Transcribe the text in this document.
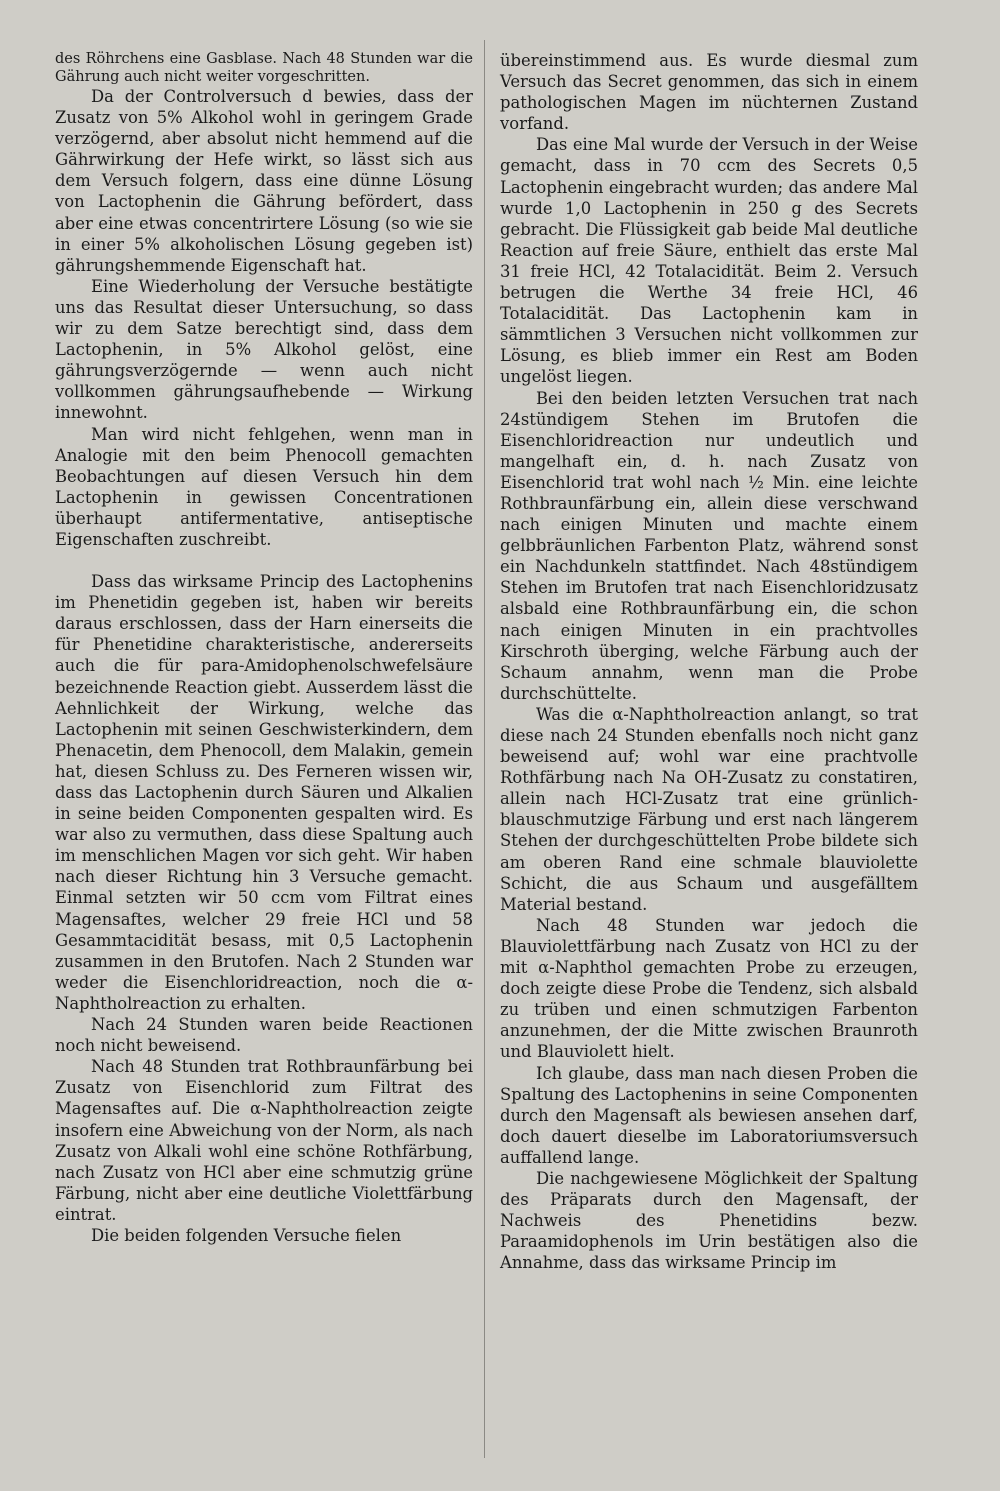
des Röhrchens eine Gasblase. Nach 48 Stunden war die Gährung auch nicht weiter vorgeschritten.

Da der Controlversuch d bewies, dass der Zusatz von 5% Alkohol wohl in geringem Grade verzögernd, aber absolut nicht hemmend auf die Gährwirkung der Hefe wirkt, so lässt sich aus dem Versuch folgern, dass eine dünne Lösung von Lactophenin die Gährung befördert, dass aber eine etwas concentrirtere Lösung (so wie sie in einer 5% alkoholischen Lösung gegeben ist) gährungshemmende Eigenschaft hat.

Eine Wiederholung der Versuche bestätigte uns das Resultat dieser Untersuchung, so dass wir zu dem Satze berechtigt sind, dass dem Lactophenin, in 5% Alkohol gelöst, eine gährungsverzögernde — wenn auch nicht vollkommen gährungsaufhebende — Wirkung innewohnt.

Man wird nicht fehlgehen, wenn man in Analogie mit den beim Phenocoll gemachten Beobachtungen auf diesen Versuch hin dem Lactophenin in gewissen Concentrationen überhaupt antifermentative, antiseptische Eigenschaften zuschreibt.

Dass das wirksame Princip des Lactophenins im Phenetidin gegeben ist, haben wir bereits daraus erschlossen, dass der Harn einerseits die für Phenetidine charakteristische, andererseits auch die für para-Amidophenolschwefelsäure bezeichnende Reaction giebt. Ausserdem lässt die Aehnlichkeit der Wirkung, welche das Lactophenin mit seinen Geschwisterkindern, dem Phenacetin, dem Phenocoll, dem Malakin, gemein hat, diesen Schluss zu. Des Ferneren wissen wir, dass das Lactophenin durch Säuren und Alkalien in seine beiden Componenten gespalten wird. Es war also zu vermuthen, dass diese Spaltung auch im menschlichen Magen vor sich geht. Wir haben nach dieser Richtung hin 3 Versuche gemacht. Einmal setzten wir 50 ccm vom Filtrat eines Magensaftes, welcher 29 freie HCl und 58 Gesammtacidität besass, mit 0,5 Lactophenin zusammen in den Brutofen. Nach 2 Stunden war weder die Eisenchloridreaction, noch die α-Naphtholreaction zu erhalten.

Nach 24 Stunden waren beide Reactionen noch nicht beweisend.

Nach 48 Stunden trat Rothbraunfärbung bei Zusatz von Eisenchlorid zum Filtrat des Magensaftes auf. Die α-Naphtholreaction zeigte insofern eine Abweichung von der Norm, als nach Zusatz von Alkali wohl eine schöne Rothfärbung, nach Zusatz von HCl aber eine schmutzig grüne Färbung, nicht aber eine deutliche Violettfärbung eintrat.

Die beiden folgenden Versuche fielen

übereinstimmend aus. Es wurde diesmal zum Versuch das Secret genommen, das sich in einem pathologischen Magen im nüchternen Zustand vorfand.

Das eine Mal wurde der Versuch in der Weise gemacht, dass in 70 ccm des Secrets 0,5 Lactophenin eingebracht wurden; das andere Mal wurde 1,0 Lactophenin in 250 g des Secrets gebracht. Die Flüssigkeit gab beide Mal deutliche Reaction auf freie Säure, enthielt das erste Mal 31 freie HCl, 42 Totalacidität. Beim 2. Versuch betrugen die Werthe 34 freie HCl, 46 Totalacidität. Das Lactophenin kam in sämmtlichen 3 Versuchen nicht vollkommen zur Lösung, es blieb immer ein Rest am Boden ungelöst liegen.

Bei den beiden letzten Versuchen trat nach 24stündigem Stehen im Brutofen die Eisenchloridreaction nur undeutlich und mangelhaft ein, d. h. nach Zusatz von Eisenchlorid trat wohl nach ½ Min. eine leichte Rothbraunfärbung ein, allein diese verschwand nach einigen Minuten und machte einem gelbbräunlichen Farbenton Platz, während sonst ein Nachdunkeln stattfindet. Nach 48stündigem Stehen im Brutofen trat nach Eisenchloridzusatz alsbald eine Rothbraunfärbung ein, die schon nach einigen Minuten in ein prachtvolles Kirschroth überging, welche Färbung auch der Schaum annahm, wenn man die Probe durchschüttelte.

Was die α-Naphtholreaction anlangt, so trat diese nach 24 Stunden ebenfalls noch nicht ganz beweisend auf; wohl war eine prachtvolle Rothfärbung nach Na OH-Zusatz zu constatiren, allein nach HCl-Zusatz trat eine grünlich-blauschmutzige Färbung und erst nach längerem Stehen der durchgeschüttelten Probe bildete sich am oberen Rand eine schmale blauviolette Schicht, die aus Schaum und ausgefälltem Material bestand.

Nach 48 Stunden war jedoch die Blauviolettfärbung nach Zusatz von HCl zu der mit α-Naphthol gemachten Probe zu erzeugen, doch zeigte diese Probe die Tendenz, sich alsbald zu trüben und einen schmutzigen Farbenton anzunehmen, der die Mitte zwischen Braunroth und Blauviolett hielt.

Ich glaube, dass man nach diesen Proben die Spaltung des Lactophenins in seine Componenten durch den Magensaft als bewiesen ansehen darf, doch dauert dieselbe im Laboratoriumsversuch auffallend lange.

Die nachgewiesene Möglichkeit der Spaltung des Präparats durch den Magensaft, der Nachweis des Phenetidins bezw. Paraamidophenols im Urin bestätigen also die Annahme, dass das wirksame Princip im
